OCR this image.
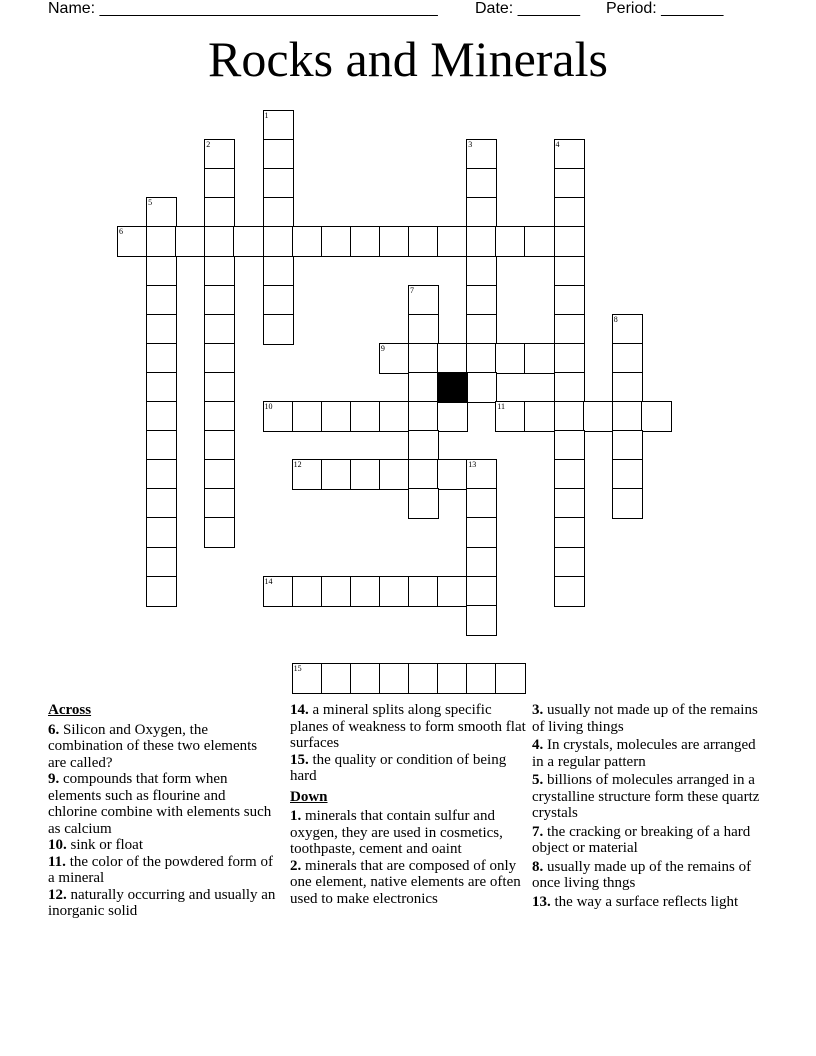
Name: ______________________________________ Date: _______ Period: _______
Rocks and Minerals
1
2	3	4
5
6
7
8
9
10	11
12	13
14
15
Across
6. Silicon and Oxygen, the combination of these two elements are called?
9. compounds that form when elements such as flourine and chlorine combine with elements such as calcium
10. sink or float
11. the color of the powdered form of a mineral
12. naturally occurring and usually an inorganic solid
14. a mineral splits along specific planes of weakness to form smooth flat surfaces
15. the quality or condition of being hard
Down
1. minerals that contain sulfur and oxygen, they are used in cosmetics, toothpaste, cement and oaint
2. minerals that are composed of only one element, native elements are often used to make electronics
3. usually not made up of the remains of living things
4. In crystals, molecules are arranged in a regular pattern
5. billions of molecules arranged in a crystalline structure form these quartz crystals
7. the cracking or breaking of a hard object or material
8. usually made up of the remains of once living thngs
13. the way a surface reflects light
